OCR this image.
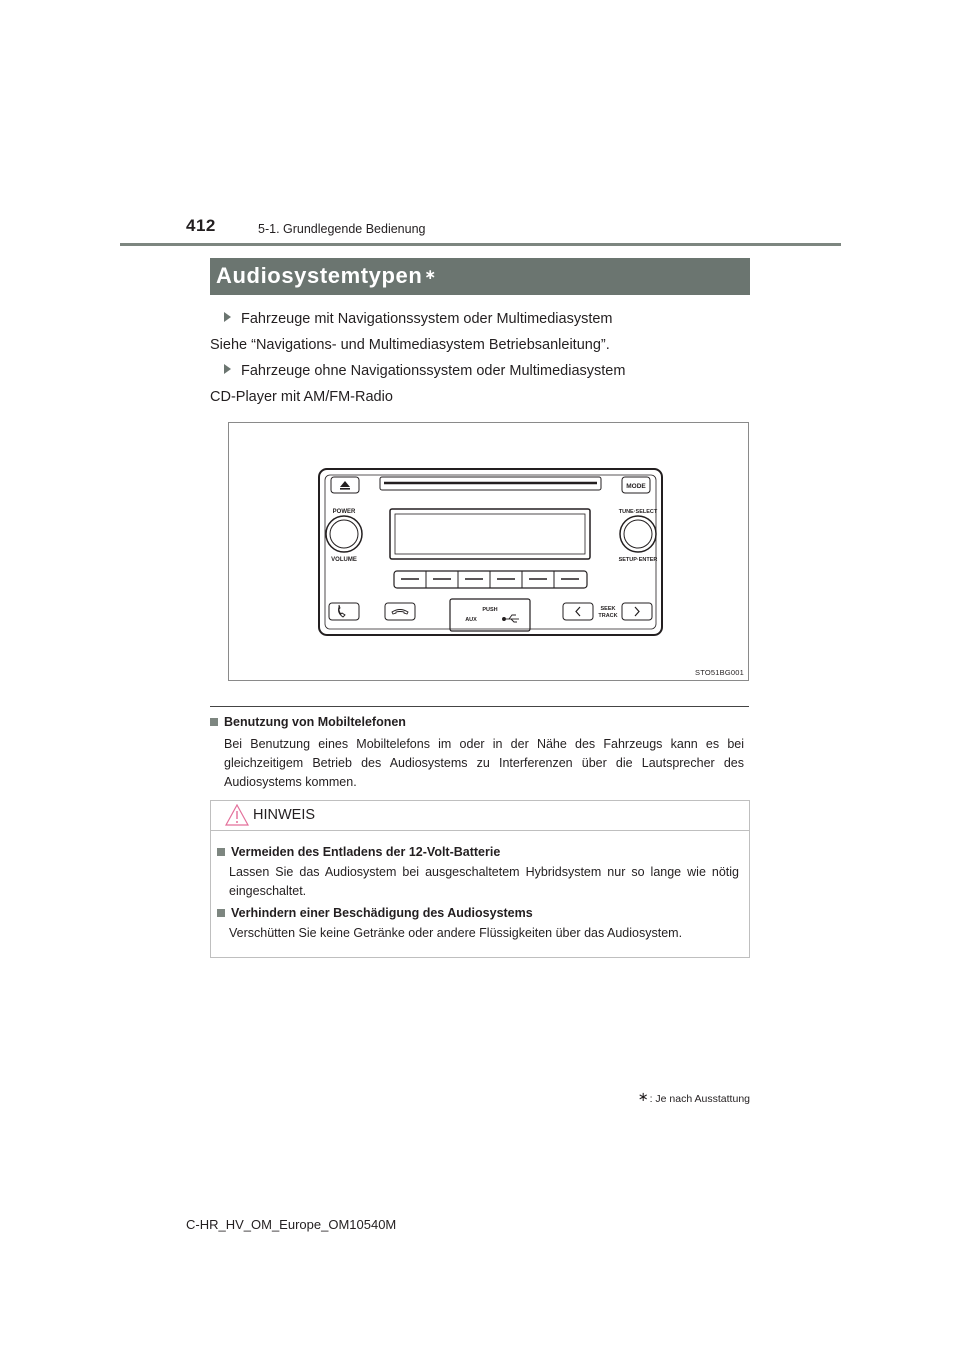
412	5-1. Grundlegende Bedienung
Audiosystemtypen ∗
Fahrzeuge mit Navigationssystem oder Multimediasystem
Siehe “Navigations- und Multimediasystem Betriebsanleitung”.
Fahrzeuge ohne Navigationssystem oder Multimediasystem
CD-Player mit AM/FM-Radio
MODE
POWER
VOLUME
TUNE·SELECT
SETUP·ENTER
PUSH
AUX
SEEK
TRACK
STO51BG001
Benutzung von Mobiltelefonen
Bei Benutzung eines Mobiltelefons im oder in der Nähe des Fahrzeugs kann es bei gleichzeitigem Betrieb des Audiosystems zu Interferenzen über die Lautsprecher des Audiosystems kommen.
HINWEIS
Vermeiden des Entladens der 12-Volt-Batterie
Lassen Sie das Audiosystem bei ausgeschaltetem Hybridsystem nur so lange wie nötig eingeschaltet.
Verhindern einer Beschädigung des Audiosystems
Verschütten Sie keine Getränke oder andere Flüssigkeiten über das Audiosystem.
∗: Je nach Ausstattung
C-HR_HV_OM_Europe_OM10540M
